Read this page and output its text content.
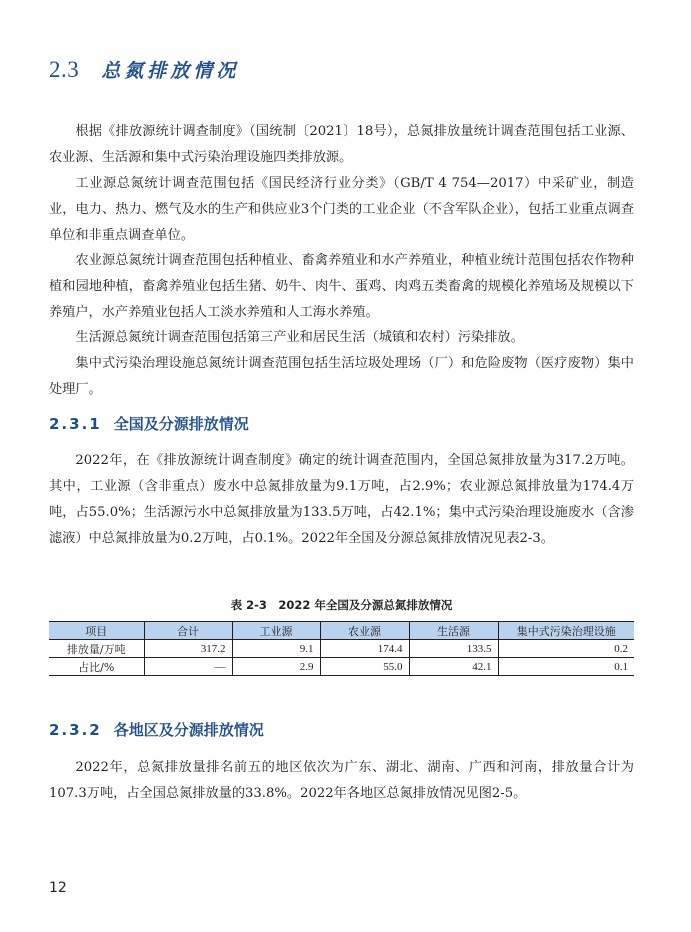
2.3 总氮排放情况

根据《排放源统计调查制度》（国统制〔2021〕18号），总氮排放量统计调查范围包括工业源、农业源、生活源和集中式污染治理设施四类排放源。

工业源总氮统计调查范围包括《国民经济行业分类》（GB/T 4 754—2017）中采矿业，制造业，电力、热力、燃气及水的生产和供应业3个门类的工业企业（不含军队企业），包括工业重点调查单位和非重点调查单位。

农业源总氮统计调查范围包括种植业、畜禽养殖业和水产养殖业，种植业统计范围包括农作物种植和园地种植，畜禽养殖业包括生猪、奶牛、肉牛、蛋鸡、肉鸡五类畜禽的规模化养殖场及规模以下养殖户，水产养殖业包括人工淡水养殖和人工海水养殖。

生活源总氮统计调查范围包括第三产业和居民生活（城镇和农村）污染排放。

集中式污染治理设施总氮统计调查范围包括生活垃圾处理场（厂）和危险废物（医疗废物）集中处理厂。

2.3.1 全国及分源排放情况

2022年，在《排放源统计调查制度》确定的统计调查范围内，全国总氮排放量为317.2万吨。其中，工业源（含非重点）废水中总氮排放量为9.1万吨，占2.9%；农业源总氮排放量为174.4万吨，占55.0%；生活源污水中总氮排放量为133.5万吨，占42.1%；集中式污染治理设施废水（含渗滤液）中总氮排放量为0.2万吨，占0.1%。2022年全国及分源总氮排放情况见表2-3。

表 2-3　2022 年全国及分源总氮排放情况
项目	合计	工业源	农业源	生活源	集中式污染治理设施
排放量/万吨	317.2	9.1	174.4	133.5	0.2
占比/%	—	2.9	55.0	42.1	0.1
2.3.2 各地区及分源排放情况

2022年，总氮排放量排名前五的地区依次为广东、湖北、湖南、广西和河南，排放量合计为107.3万吨，占全国总氮排放量的33.8%。2022年各地区总氮排放情况见图2-5。

12
